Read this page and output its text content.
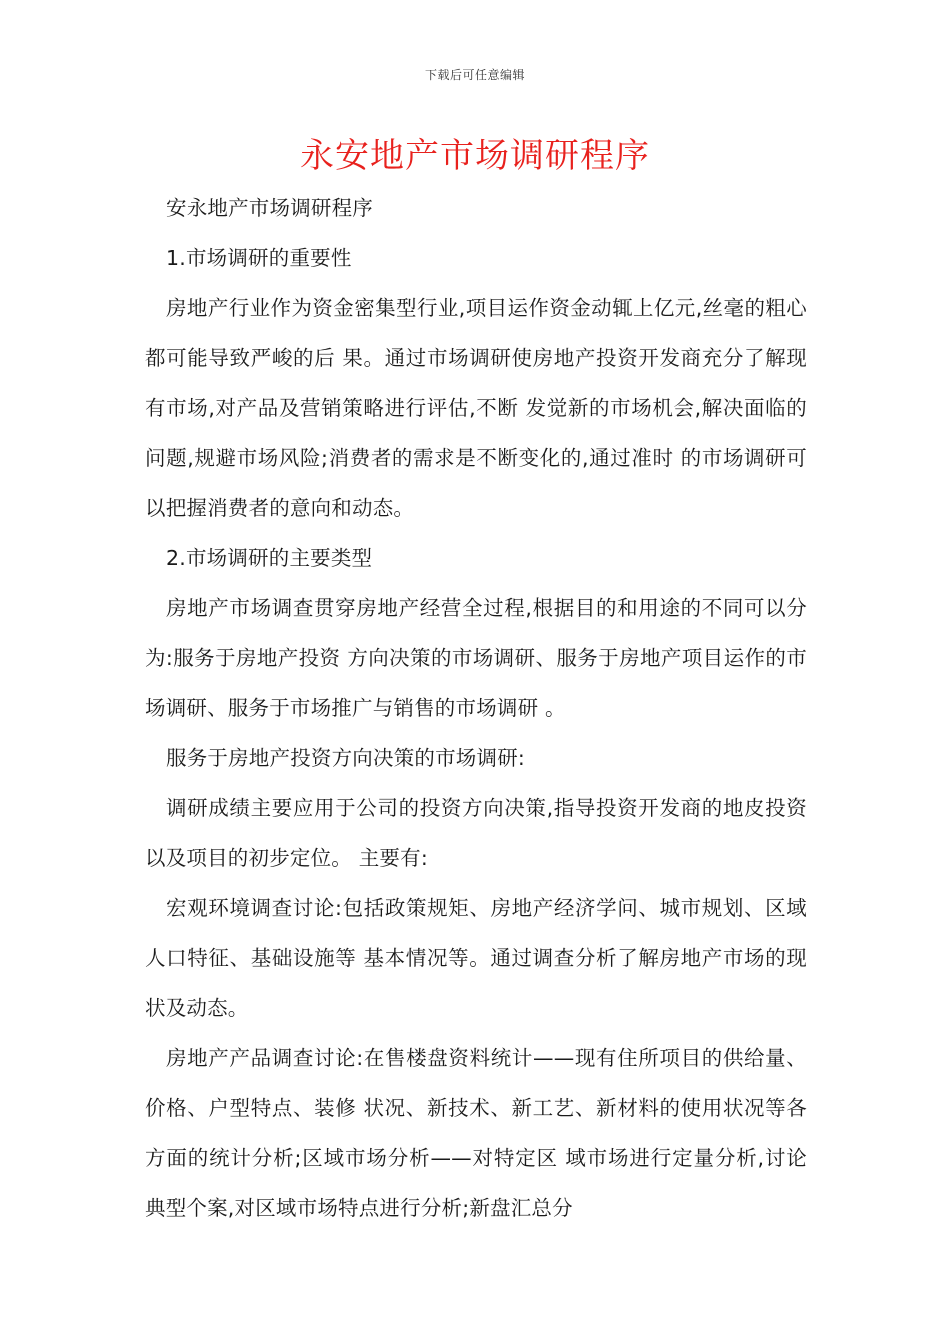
下载后可任意编辑
永安地产市场调研程序

安永地产市场调研程序

1.市场调研的重要性

房地产行业作为资金密集型行业,项目运作资金动辄上亿元,丝毫的粗心都可能导致严峻的后 果。通过市场调研使房地产投资开发商充分了解现有市场,对产品及营销策略进行评估,不断 发觉新的市场机会,解决面临的问题,规避市场风险;消费者的需求是不断变化的,通过准时 的市场调研可以把握消费者的意向和动态。

2.市场调研的主要类型

房地产市场调查贯穿房地产经营全过程,根据目的和用途的不同可以分为:服务于房地产投资 方向决策的市场调研、服务于房地产项目运作的市场调研、服务于市场推广与销售的市场调研 。

服务于房地产投资方向决策的市场调研:

调研成绩主要应用于公司的投资方向决策,指导投资开发商的地皮投资以及项目的初步定位。 主要有:

宏观环境调查讨论:包括政策规矩、房地产经济学问、城市规划、区域人口特征、基础设施等 基本情况等。通过调查分析了解房地产市场的现状及动态。

房地产产品调查讨论:在售楼盘资料统计——现有住所项目的供给量、价格、户型特点、装修 状况、新技术、新工艺、新材料的使用状况等各方面的统计分析;区域市场分析——对特定区 域市场进行定量分析,讨论典型个案,对区域市场特点进行分析;新盘汇总分
